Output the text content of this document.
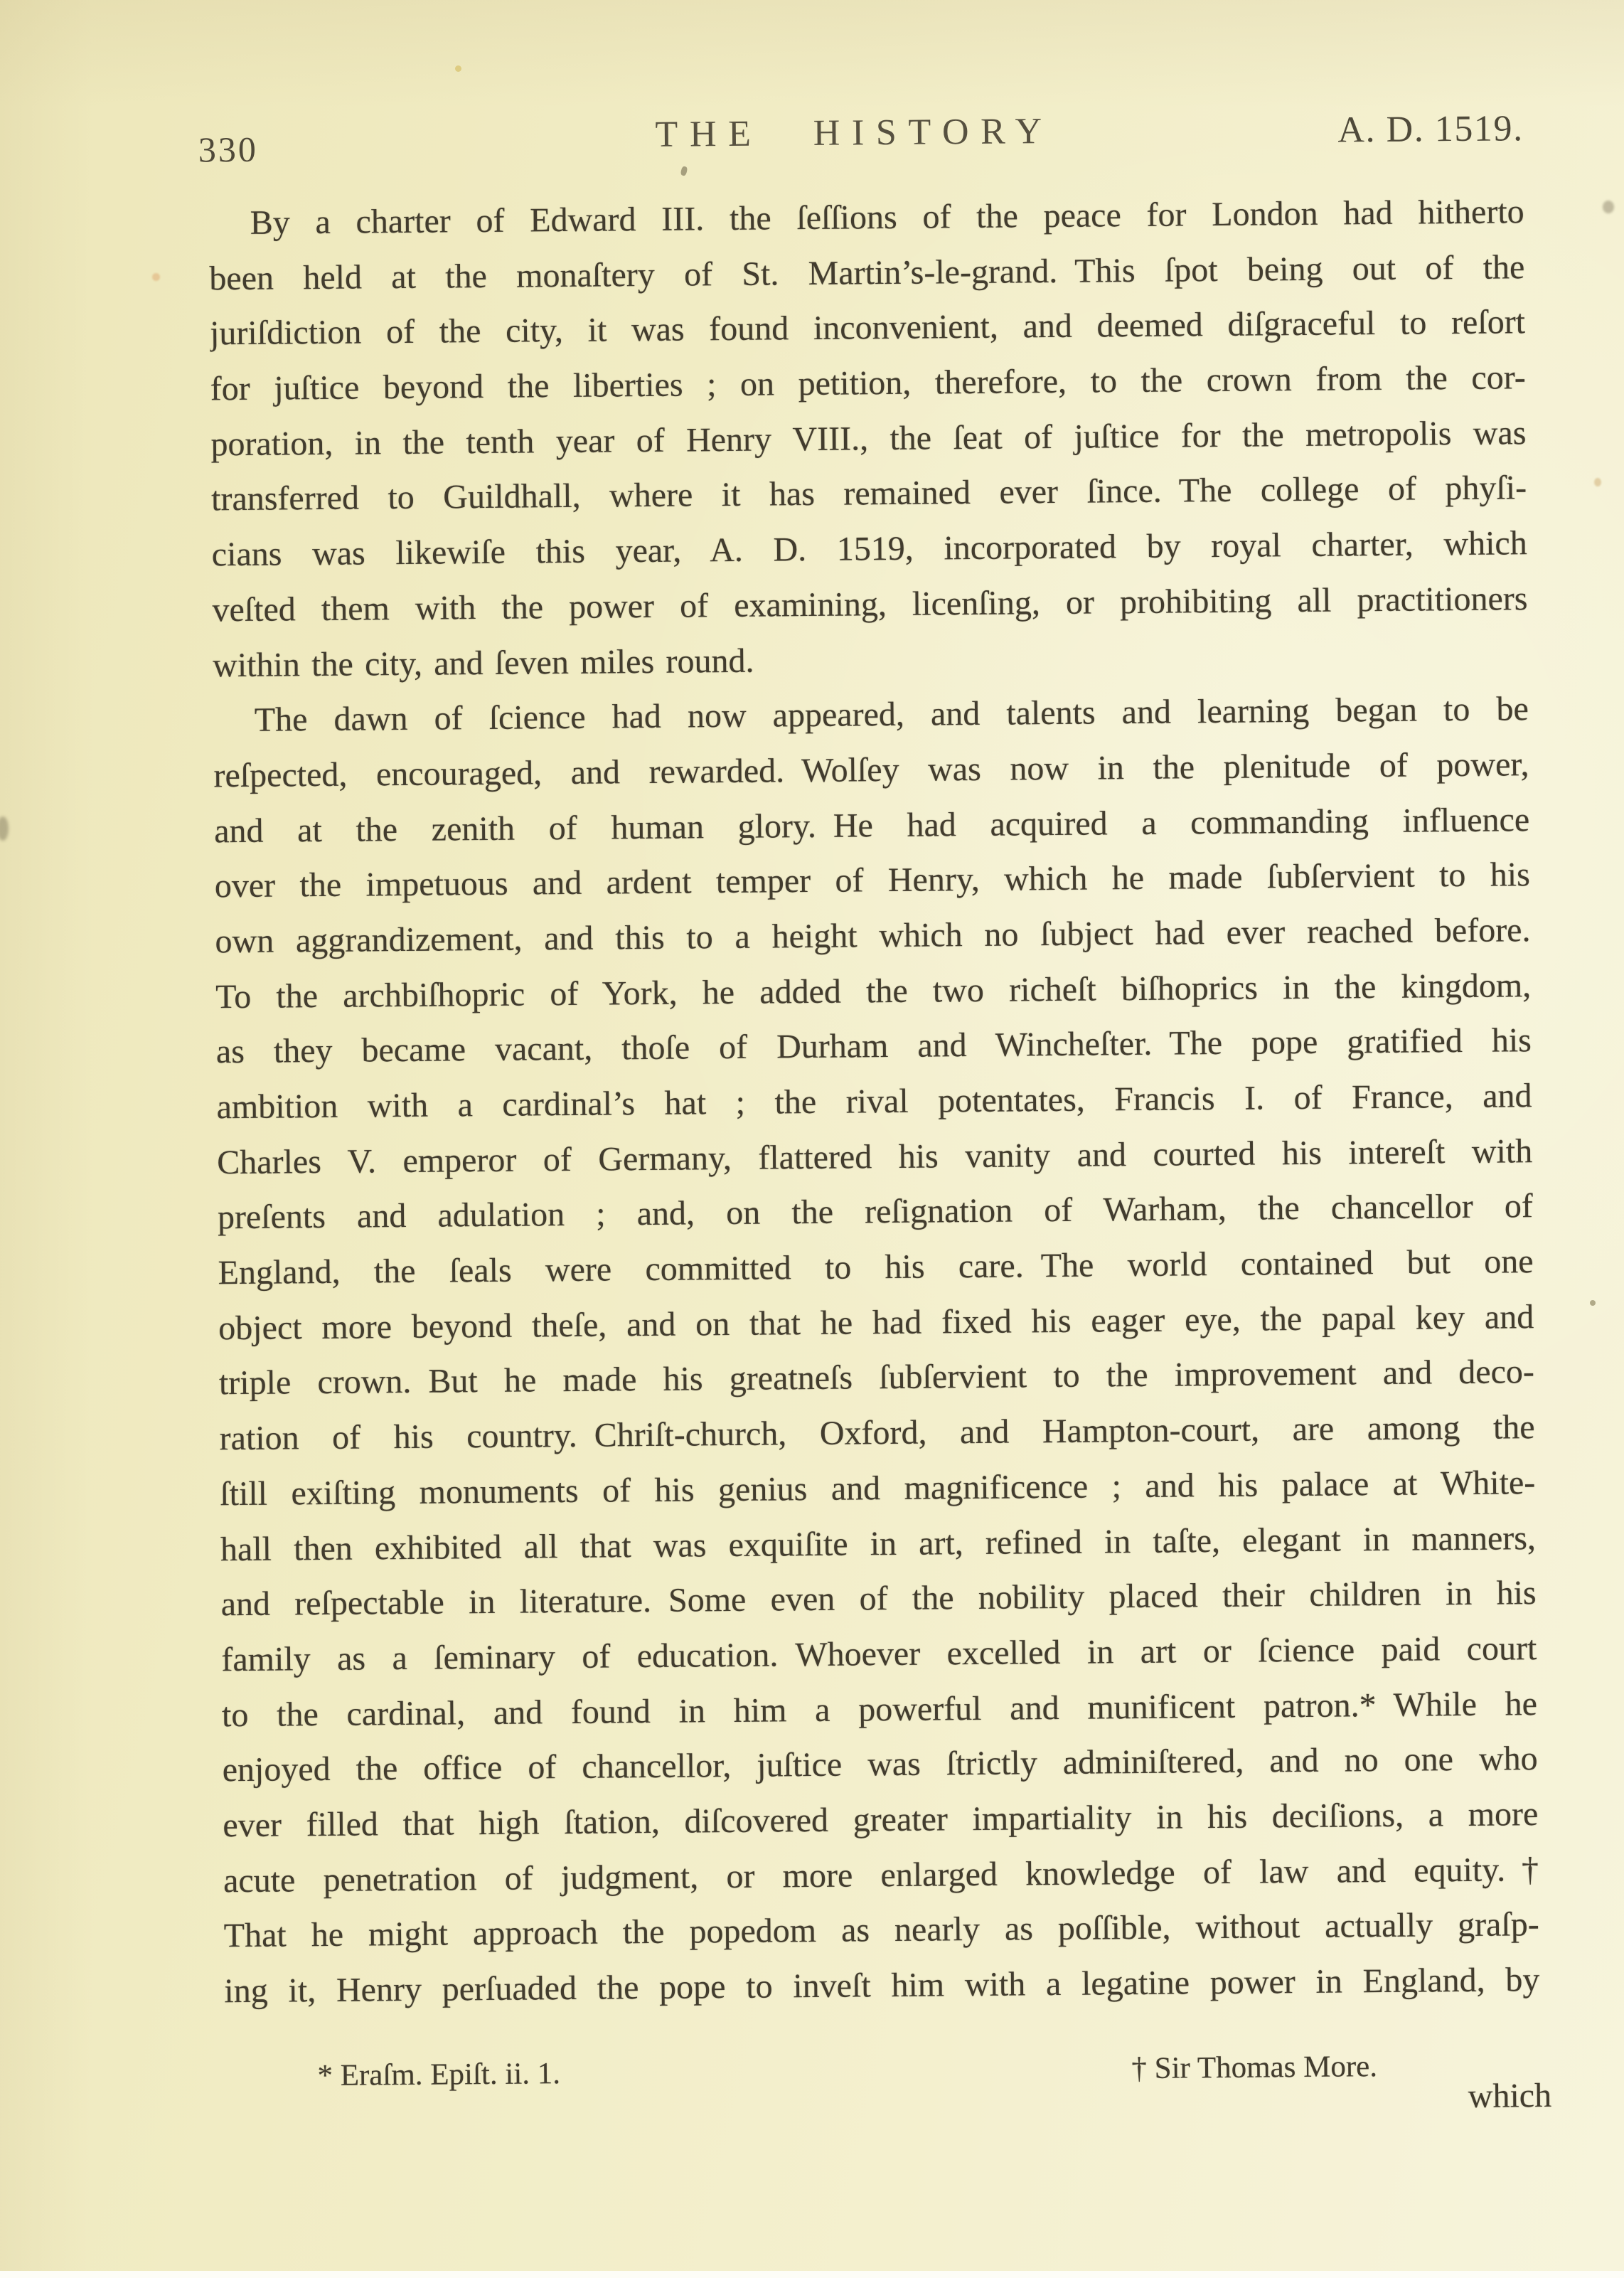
330	THE HISTORY	A. D. 1519.
By a charter of Edward III. the ſeſſions of the peace for London had hitherto
been held at the monaſtery of St. Martin’s-le-grand. This ſpot being out of the
juriſdiction of the city, it was found inconvenient, and deemed diſgraceful to reſort
for juſtice beyond the liberties ; on petition, therefore, to the crown from the cor-
poration, in the tenth year of Henry VIII., the ſeat of juſtice for the metropolis was
transferred to Guildhall, where it has remained ever ſince. The college of phyſi-
cians was likewiſe this year, A. D. 1519, incorporated by royal charter, which
veſted them with the power of examining, licenſing, or prohibiting all practitioners
within the city, and ſeven miles round.
The dawn of ſcience had now appeared, and talents and learning began to be
reſpected, encouraged, and rewarded. Wolſey was now in the plenitude of power,
and at the zenith of human glory. He had acquired a commanding influence
over the impetuous and ardent temper of Henry, which he made ſubſervient to his
own aggrandizement, and this to a height which no ſubject had ever reached before.
To the archbiſhopric of York, he added the two richeſt biſhoprics in the kingdom,
as they became vacant, thoſe of Durham and Wincheſter. The pope gratified his
ambition with a cardinal’s hat ; the rival potentates, Francis I. of France, and
Charles V. emperor of Germany, flattered his vanity and courted his intereſt with
preſents and adulation ; and, on the reſignation of Warham, the chancellor of
England, the ſeals were committed to his care. The world contained but one
object more beyond theſe, and on that he had fixed his eager eye, the papal key and
triple crown. But he made his greatneſs ſubſervient to the improvement and deco-
ration of his country. Chriſt-church, Oxford, and Hampton-court, are among the
ſtill exiſting monuments of his genius and magnificence ; and his palace at White-
hall then exhibited all that was exquiſite in art, refined in taſte, elegant in manners,
and reſpectable in literature. Some even of the nobility placed their children in his
family as a ſeminary of education. Whoever excelled in art or ſcience paid court
to the cardinal, and found in him a powerful and munificent patron.* While he
enjoyed the office of chancellor, juſtice was ſtrictly adminiſtered, and no one who
ever filled that high ſtation, diſcovered greater impartiality in his deciſions, a more
acute penetration of judgment, or more enlarged knowledge of law and equity.†
That he might approach the popedom as nearly as poſſible, without actually graſp-
ing it, Henry perſuaded the pope to inveſt him with a legatine power in England, by
* Eraſm. Epiſt. ii. 1.	† Sir Thomas More.
which
